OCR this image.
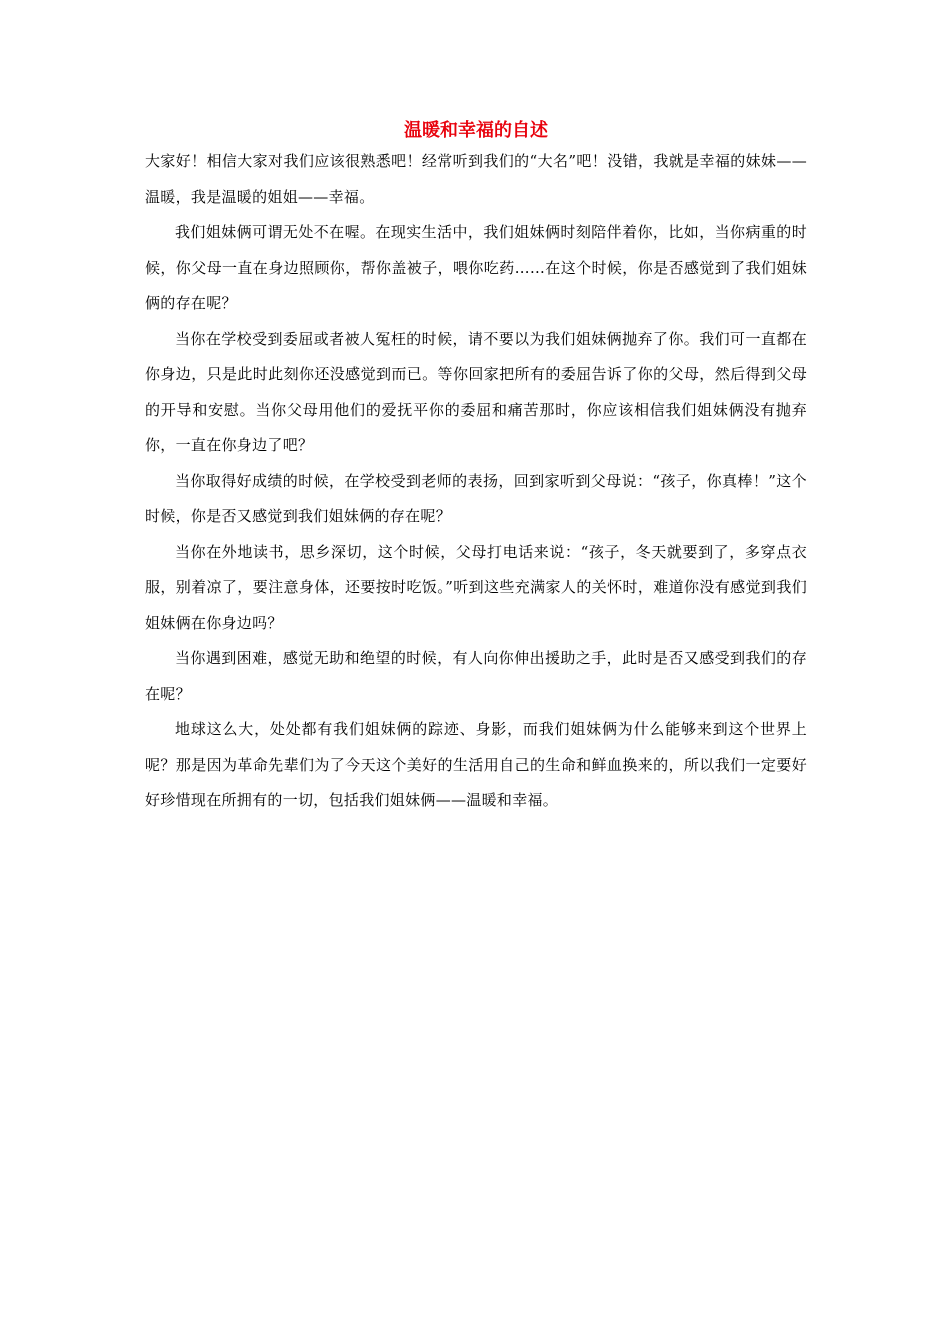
温暖和幸福的自述

大家好！相信大家对我们应该很熟悉吧！经常听到我们的“大名”吧！没错，我就是幸福的妹妹——温暖，我是温暖的姐姐——幸福。

我们姐妹俩可谓无处不在喔。在现实生活中，我们姐妹俩时刻陪伴着你，比如，当你病重的时候，你父母一直在身边照顾你，帮你盖被子，喂你吃药……在这个时候，你是否感觉到了我们姐妹俩的存在呢？

当你在学校受到委屈或者被人冤枉的时候，请不要以为我们姐妹俩抛弃了你。我们可一直都在你身边，只是此时此刻你还没感觉到而已。等你回家把所有的委屈告诉了你的父母，然后得到父母的开导和安慰。当你父母用他们的爱抚平你的委屈和痛苦那时，你应该相信我们姐妹俩没有抛弃你，一直在你身边了吧？

当你取得好成绩的时候，在学校受到老师的表扬，回到家听到父母说：“孩子，你真棒！”这个时候，你是否又感觉到我们姐妹俩的存在呢？

当你在外地读书，思乡深切，这个时候，父母打电话来说：“孩子，冬天就要到了，多穿点衣服，别着凉了，要注意身体，还要按时吃饭。”听到这些充满家人的关怀时，难道你没有感觉到我们姐妹俩在你身边吗？

当你遇到困难，感觉无助和绝望的时候，有人向你伸出援助之手，此时是否又感受到我们的存在呢？

地球这么大，处处都有我们姐妹俩的踪迹、身影，而我们姐妹俩为什么能够来到这个世界上呢？那是因为革命先辈们为了今天这个美好的生活用自己的生命和鲜血换来的，所以我们一定要好好珍惜现在所拥有的一切，包括我们姐妹俩——温暖和幸福。
